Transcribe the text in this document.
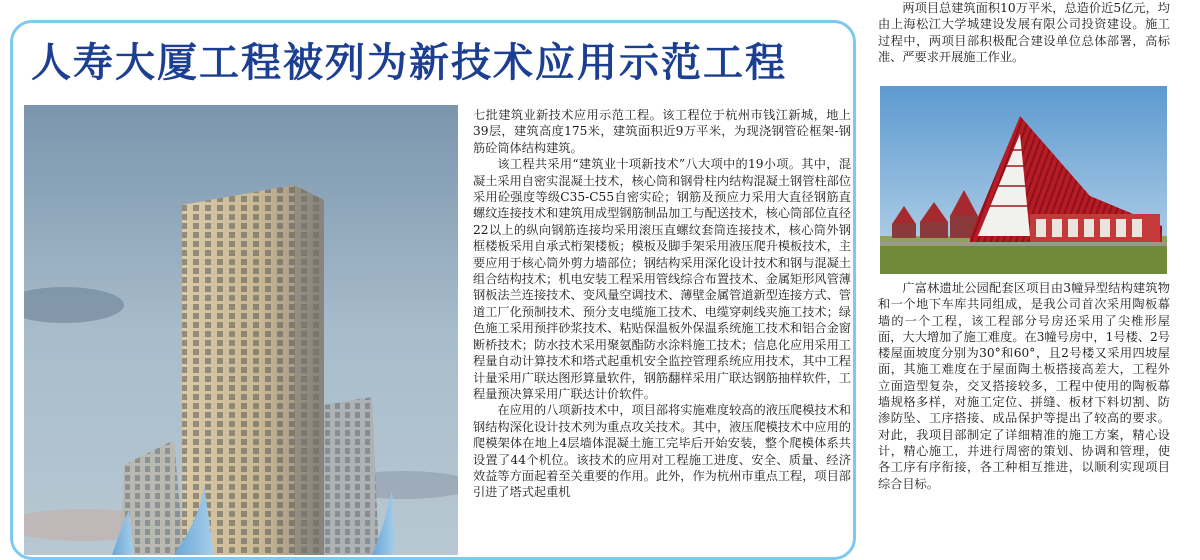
人寿大厦工程被列为新技术应用示范工程

七批建筑业新技术应用示范工程。该工程位于杭州市钱江新城，地上39层，建筑高度175米，建筑面积近9万平米，为现浇钢管砼框架-钢筋砼筒体结构建筑。

该工程共采用“建筑业十项新技术”八大项中的19小项。其中，混凝土采用自密实混凝土技术，核心筒和钢骨柱内结构混凝土钢管柱部位采用砼强度等级C35-C55自密实砼；钢筋及预应力采用大直径钢筋直螺纹连接技术和建筑用成型钢筋制品加工与配送技术，核心筒部位直径22以上的纵向钢筋连接均采用滚压直螺纹套筒连接技术，核心筒外钢框楼板采用自承式桁架楼板；模板及脚手架采用液压爬升模板技术，主要应用于核心筒外剪力墙部位；钢结构采用深化设计技术和钢与混凝土组合结构技术；机电安装工程采用管线综合布置技术、金属矩形风管薄钢板法兰连接技术、变风量空调技术、薄壁金属管道新型连接方式、管道工厂化预制技术、预分支电缆施工技术、电缆穿刺线夹施工技术；绿色施工采用预拌砂浆技术、粘贴保温板外保温系统施工技术和铝合金窗断桥技术；防水技术采用聚氨酯防水涂料施工技术；信息化应用采用工程量自动计算技术和塔式起重机安全监控管理系统应用技术，其中工程计量采用广联达图形算量软件，钢筋翻样采用广联达钢筋抽样软件，工程量预决算采用广联达计价软件。

在应用的八项新技术中，项目部将实施难度较高的液压爬模技术和钢结构深化设计技术列为重点攻关技术。其中，液压爬模技术中应用的爬模架体在地上4层墙体混凝土施工完毕后开始安装，整个爬模体系共设置了44个机位。该技术的应用对工程施工进度、安全、质量、经济效益等方面起着至关重要的作用。此外，作为杭州市重点工程，项目部引进了塔式起重机

两项目总建筑面积10万平米，总造价近5亿元，均由上海松江大学城建设发展有限公司投资建设。施工过程中，两项目部积极配合建设单位总体部署，高标准、严要求开展施工作业。

广富林遗址公园配套区项目由3幢异型结构建筑物和一个地下车库共同组成，是我公司首次采用陶板幕墙的一个工程，该工程部分号房还采用了尖椎形屋面，大大增加了施工难度。在3幢号房中，1号楼、2号楼屋面坡度分别为30°和60°，且2号楼又采用四坡屋面，其施工难度在于屋面陶土板搭接高差大，工程外立面造型复杂，交叉搭接较多，工程中使用的陶板幕墙规格多样，对施工定位、拼缝、板材下料切割、防渗防坠、工序搭接、成品保护等提出了较高的要求。对此，我项目部制定了详细精准的施工方案，精心设计，精心施工，并进行周密的策划、协调和管理，使各工序有序衔接，各工种相互推进，以顺利实现项目综合目标。
